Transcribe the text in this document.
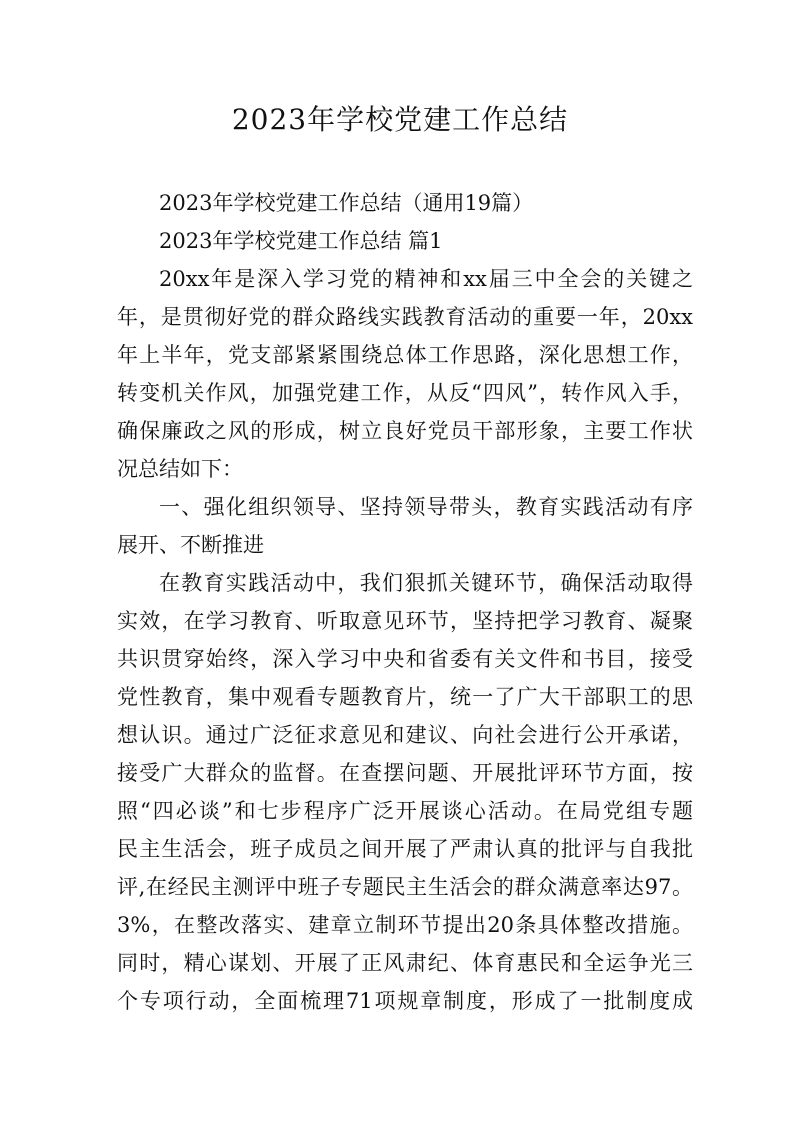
2023年学校党建工作总结

2023年学校党建工作总结（通用19篇）

2023年学校党建工作总结 篇1

20xx年是深入学习党的精神和xx届三中全会的关键之

年，是贯彻好党的群众路线实践教育活动的重要一年，20xx

年上半年，党支部紧紧围绕总体工作思路，深化思想工作，

转变机关作风，加强党建工作，从反“四风”，转作风入手，

确保廉政之风的形成，树立良好党员干部形象，主要工作状

况总结如下：

一、强化组织领导、坚持领导带头，教育实践活动有序

展开、不断推进

在教育实践活动中，我们狠抓关键环节，确保活动取得

实效，在学习教育、听取意见环节，坚持把学习教育、凝聚

共识贯穿始终，深入学习中央和省委有关文件和书目，接受

党性教育，集中观看专题教育片，统一了广大干部职工的思

想认识。通过广泛征求意见和建议、向社会进行公开承诺，

接受广大群众的监督。在查摆问题、开展批评环节方面，按

照“四必谈”和七步程序广泛开展谈心活动。在局党组专题

民主生活会，班子成员之间开展了严肃认真的批评与自我批

评,在经民主测评中班子专题民主生活会的群众满意率达97。

3%，在整改落实、建章立制环节提出20条具体整改措施。

同时，精心谋划、开展了正风肃纪、体育惠民和全运争光三

个专项行动，全面梳理71项规章制度，形成了一批制度成
